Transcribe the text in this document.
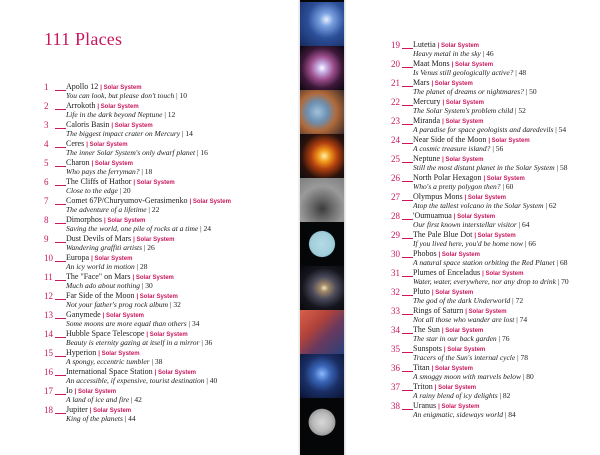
111 Places
1	Apollo 12 | Solar System
You can look, but please don't touch | 10
2	Arrokoth | Solar System
Life in the dark beyond Neptune | 12
3	Caloris Basin | Solar System
The biggest impact crater on Mercury | 14
4	Ceres | Solar System
The inner Solar System's only dwarf planet | 16
5	Charon | Solar System
Who pays the ferryman? | 18
6	The Cliffs of Hathor | Solar System
Close to the edge | 20
7	Comet 67P/Churyumov-Gerasimenko | Solar System
The adventure of a lifetime | 22
8	Dimorphos | Solar System
Saving the world, one pile of rocks at a time | 24
9	Dust Devils of Mars | Solar System
Wandering graffiti artists | 26
10	Europa | Solar System
An icy world in motion | 28
11	The "Face" on Mars | Solar System
Much ado about nothing | 30
12	Far Side of the Moon | Solar System
Not your father's prog rock album | 32
13	Ganymede | Solar System
Some moons are more equal than others | 34
14	Hubble Space Telescope | Solar System
Beauty is eternity gazing at itself in a mirror | 36
15	Hyperion | Solar System
A spongy, eccentric tumbler | 38
16	International Space Station | Solar System
An accessible, if expensive, tourist destination | 40
17	Io | Solar System
A land of ice and fire | 42
18	Jupiter | Solar System
King of the planets | 44
19	Lutetia | Solar System
Heavy metal in the sky | 46
20	Maat Mons | Solar System
Is Venus still geologically active? | 48
21	Mars | Solar System
The planet of dreams or nightmares? | 50
22	Mercury | Solar System
The Solar System's problem child | 52
23	Miranda | Solar System
A paradise for space geologists and daredevils | 54
24	Near Side of the Moon | Solar System
A cosmic treasure island? | 56
25	Neptune | Solar System
Still the most distant planet in the Solar System | 58
26	North Polar Hexagon | Solar System
Who's a pretty polygon then? | 60
27	Olympus Mons | Solar System
Atop the tallest volcano in the Solar System | 62
28	'Oumuamua | Solar System
Our first known interstellar visitor | 64
29	The Pale Blue Dot | Solar System
If you lived here, you'd be home now | 66
30	Phobos | Solar System
A natural space station orbiting the Red Planet | 68
31	Plumes of Enceladus | Solar System
Water, water, everywhere, nor any drop to drink | 70
32	Pluto | Solar System
The god of the dark Underworld | 72
33	Rings of Saturn | Solar System
Not all those who wander are lost | 74
34	The Sun | Solar System
The star in our back garden | 76
35	Sunspots | Solar System
Tracers of the Sun's internal cycle | 78
36	Titan | Solar System
A smoggy moon with marvels below | 80
37	Triton | Solar System
A rainy blend of icy delights | 82
38	Uranus | Solar System
An enigmatic, sideways world | 84
